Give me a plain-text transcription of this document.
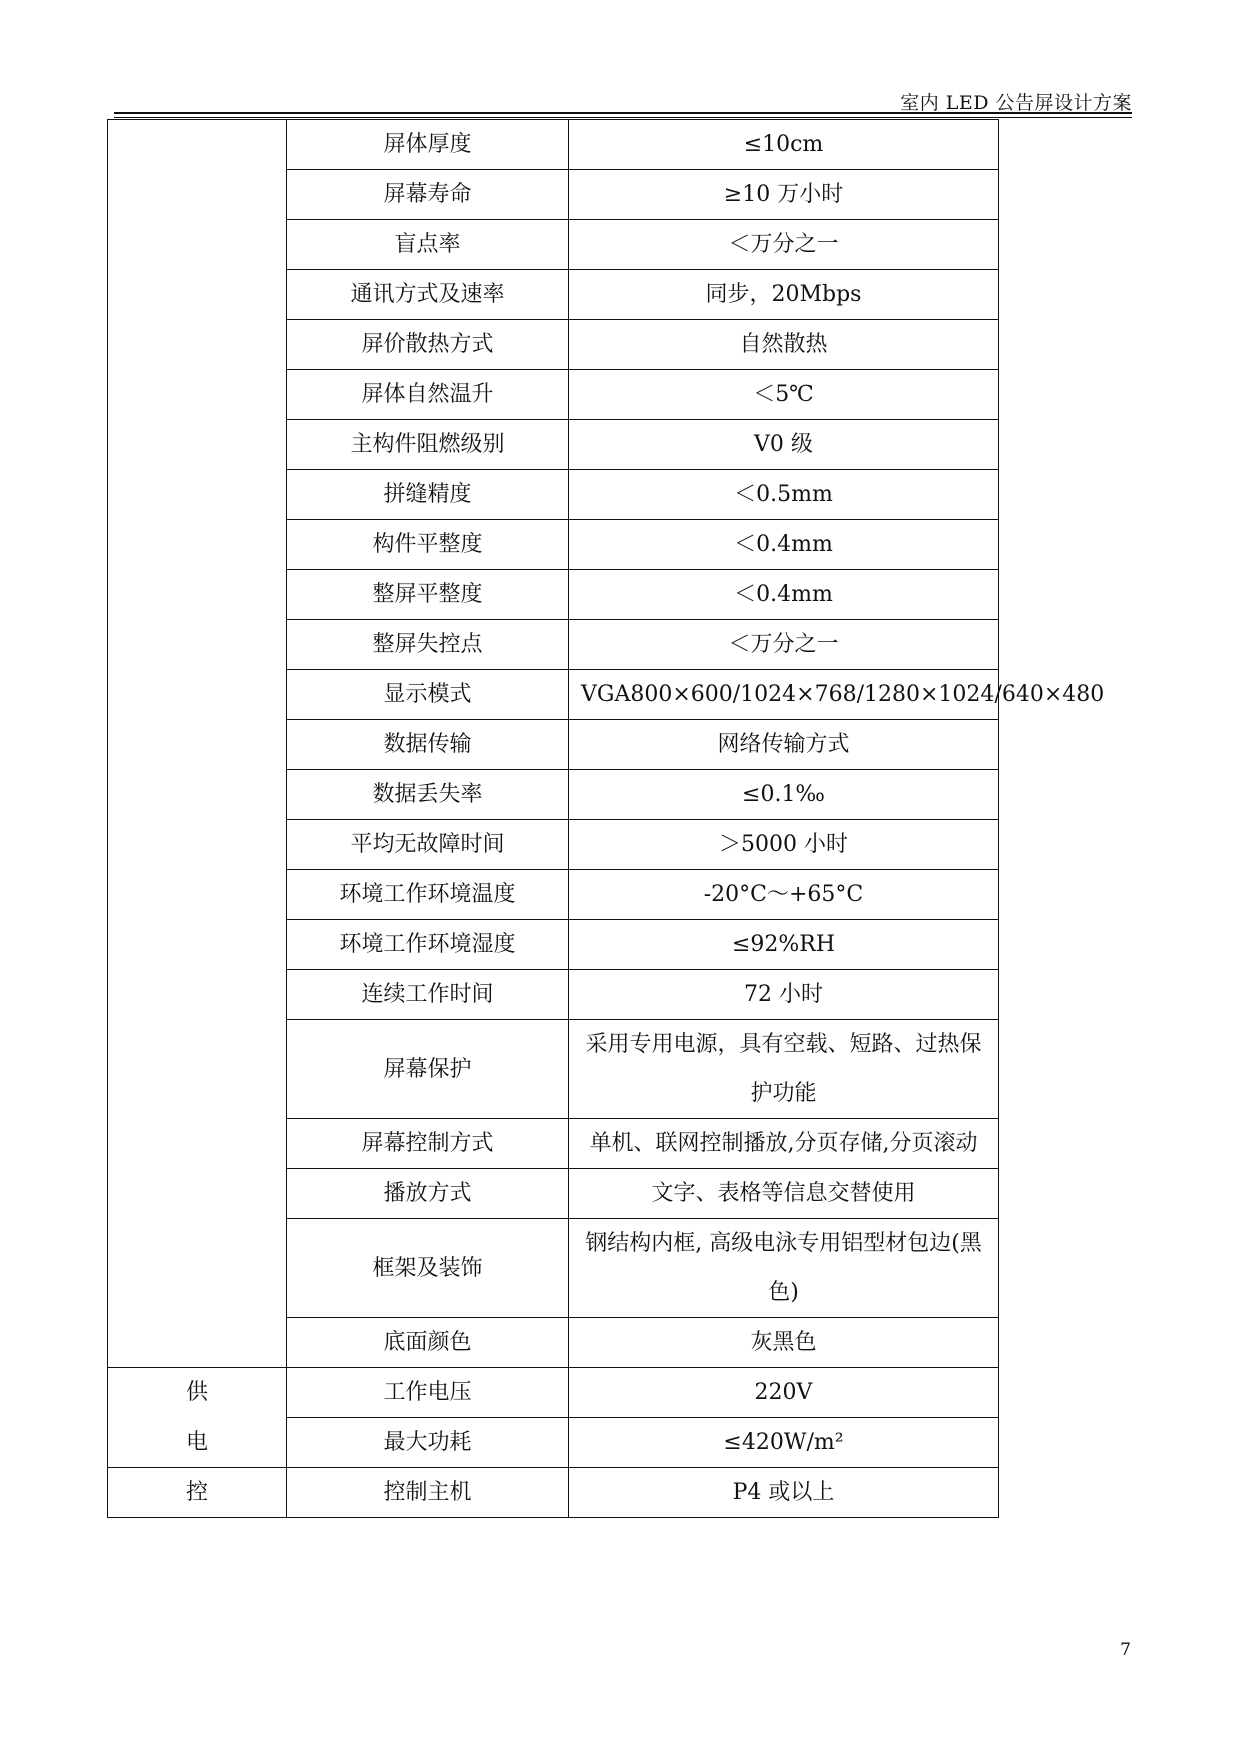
室内 LED 公告屏设计方案
	屏体厚度	≤10cm
	屏幕寿命	≥10 万小时
	盲点率	＜万分之一
	通讯方式及速率	同步，20Mbps
	屏价散热方式	自然散热
	屏体自然温升	＜5℃
	主构件阻燃级别	V0 级
	拼缝精度	＜0.5mm
	构件平整度	＜0.4mm
	整屏平整度	＜0.4mm
	整屏失控点	＜万分之一
	显示模式	VGA800×600/1024×768/1280×1024/640×480
	数据传输	网络传输方式
	数据丢失率	≤0.1‰
	平均无故障时间	＞5000 小时
	环境工作环境温度	-20°C～+65°C
	环境工作环境湿度	≤92%RH
	连续工作时间	72 小时
	屏幕保护	采用专用电源，具有空载、短路、过热保护功能
	屏幕控制方式	单机、联网控制播放,分页存储,分页滚动
	播放方式	文字、表格等信息交替使用
	框架及装饰	钢结构内框, 高级电泳专用铝型材包边(黑色)
	底面颜色	灰黑色
供	工作电压	220V
电	最大功耗	≤420W/m²
控	控制主机	P4 或以上
7
